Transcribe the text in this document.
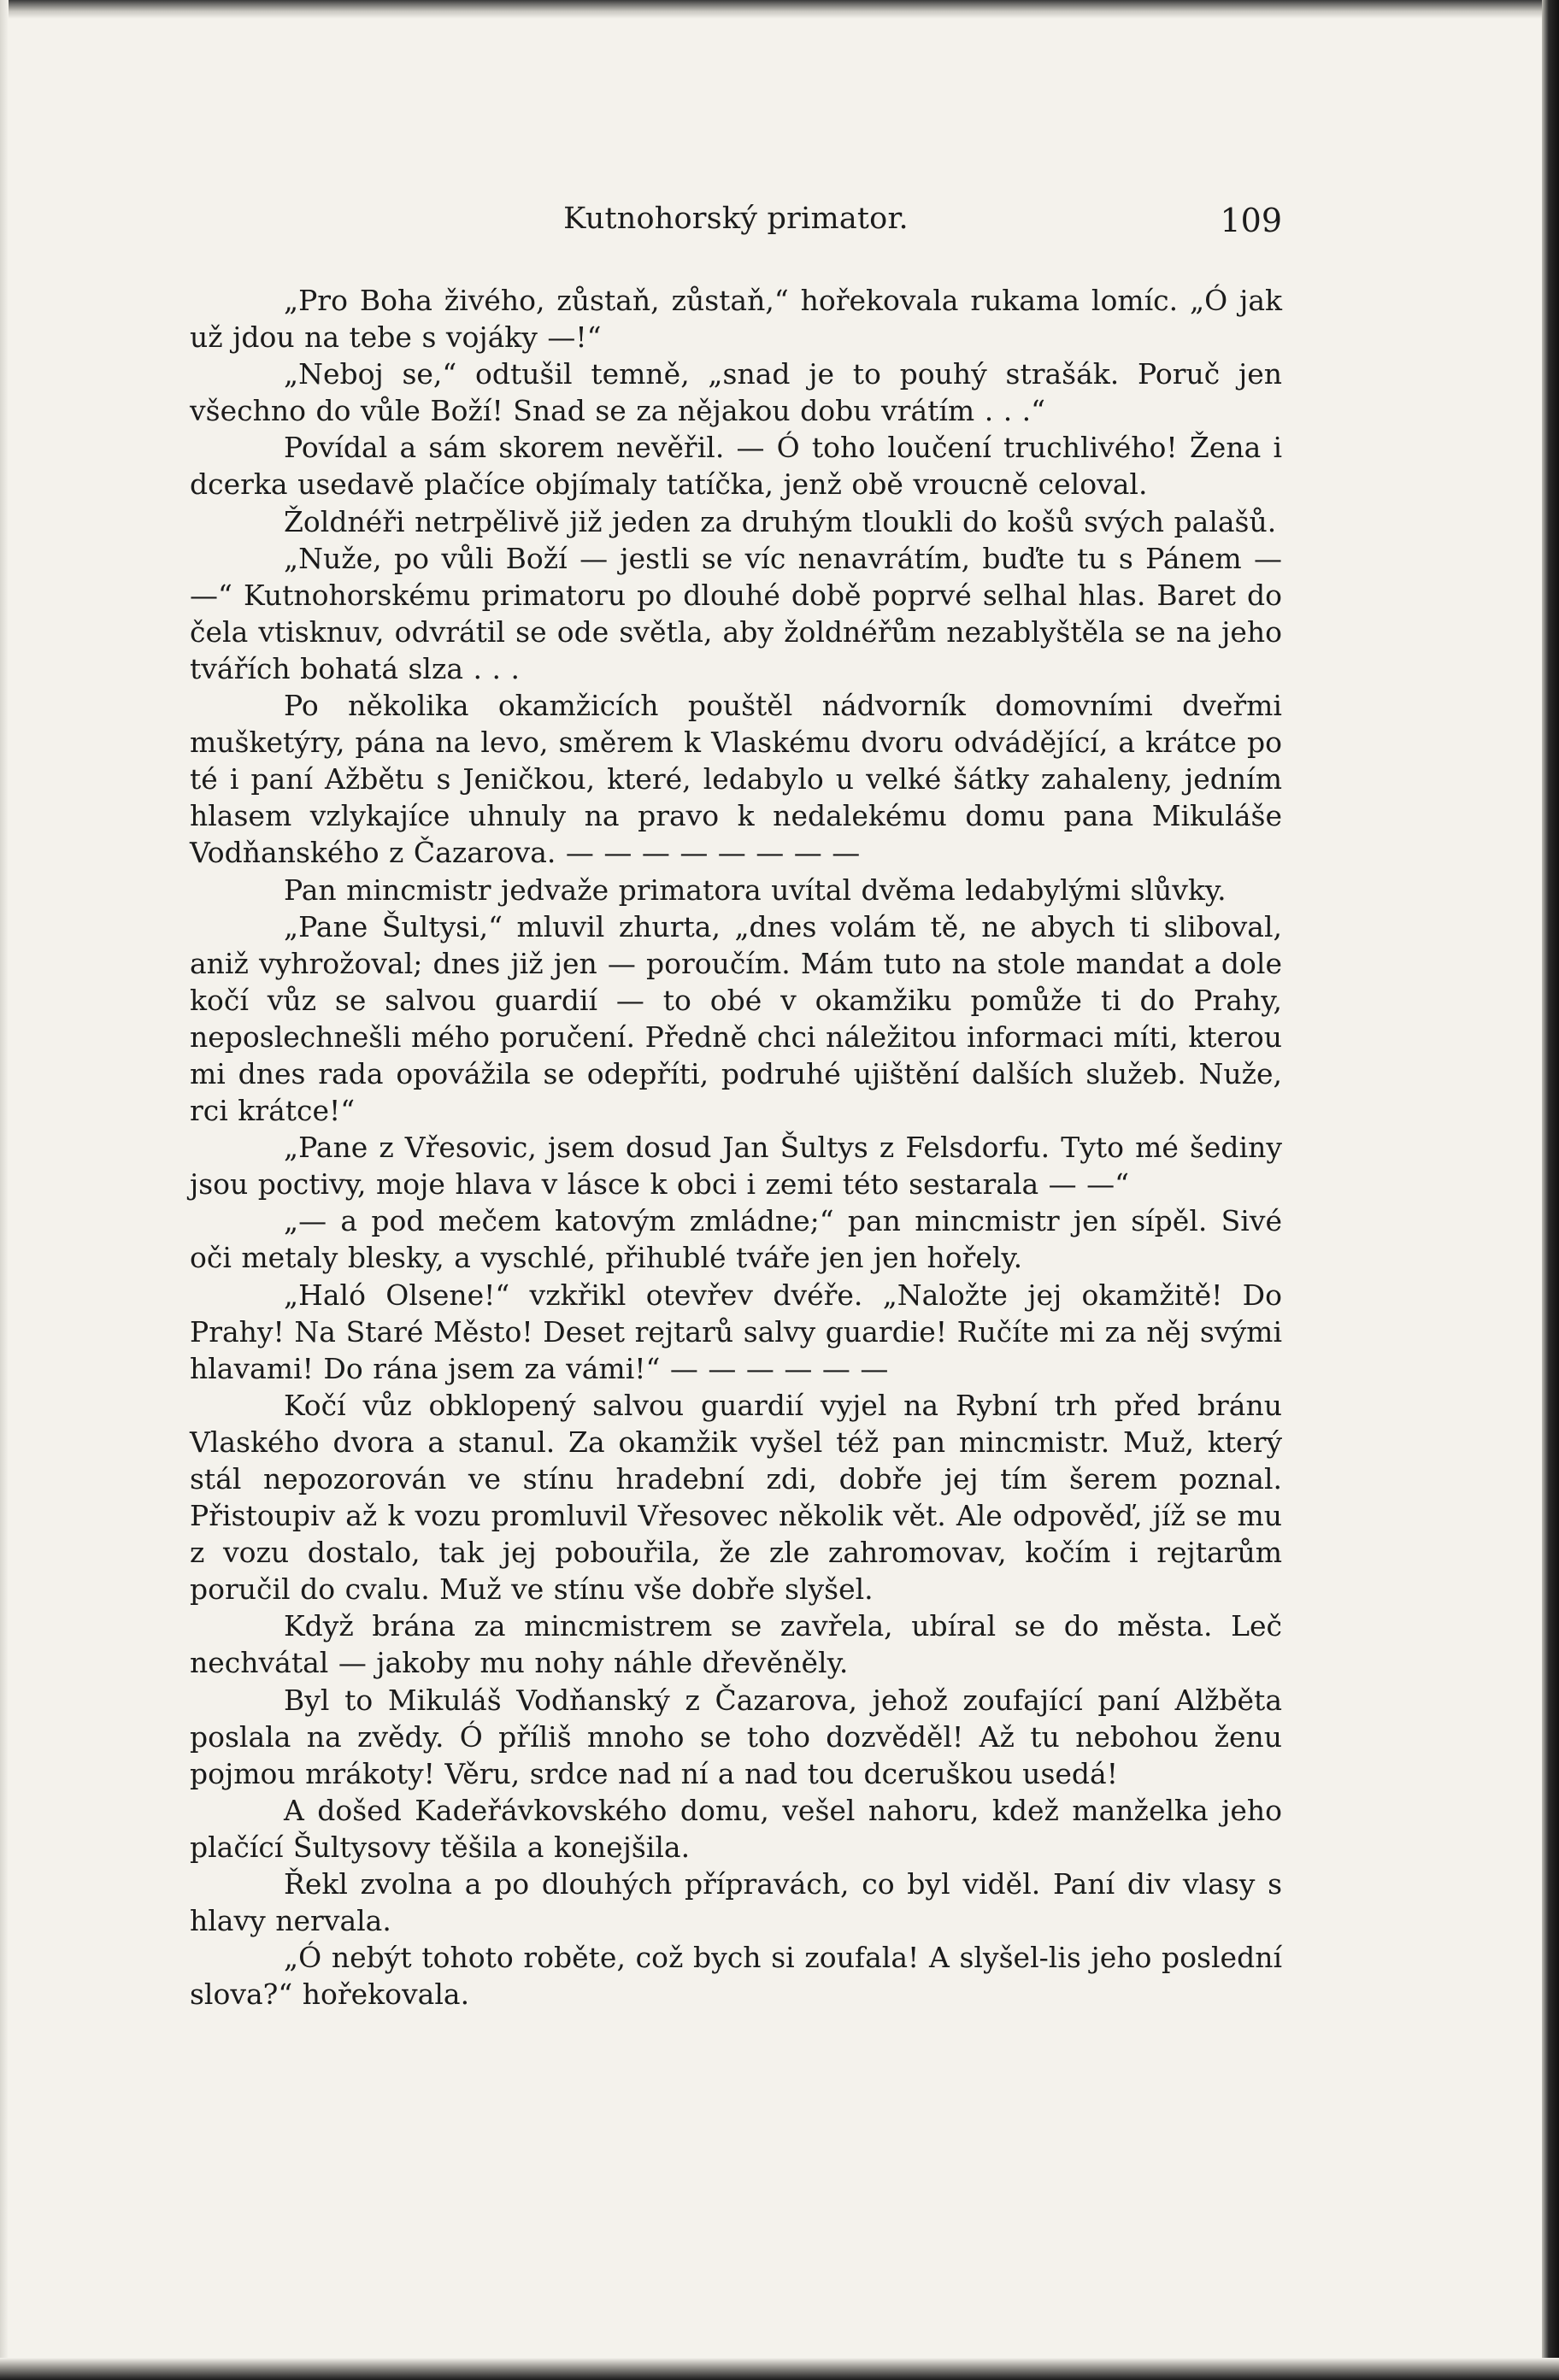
Kutnohorský primator.	109

„Pro Boha živého, zůstaň, zůstaň,“ hořekovala rukama lomíc. „Ó jak už jdou na tebe s vojáky —!“

„Neboj se,“ odtušil temně, „snad je to pouhý strašák. Poruč jen všechno do vůle Boží! Snad se za nějakou dobu vrátím . . .“

Povídal a sám skorem nevěřil. — Ó toho loučení truchlivého! Žena i dcerka usedavě plačíce objímaly tatíčka, jenž obě vroucně celoval.

Žoldnéři netrpělivě již jeden za druhým tloukli do košů svých palašů.

„Nuže, po vůli Boží — jestli se víc nenavrátím, buďte tu s Pánem — —“ Kutnohorskému primatoru po dlouhé době poprvé selhal hlas. Baret do čela vtisknuv, odvrátil se ode světla, aby žoldnéřům nezablyštěla se na jeho tvářích bohatá slza . . .

Po několika okamžicích pouštěl nádvorník domovními dveřmi mušketýry, pána na levo, směrem k Vlaskému dvoru odvádějící, a krátce po té i paní Ažbětu s Jeničkou, které, ledabylo u velké šátky zahaleny, jedním hlasem vzlykajíce uhnuly na pravo k nedalekému domu pana Mikuláše Vodňanského z Čazarova. — — — — — — — —

Pan mincmistr jedvaže primatora uvítal dvěma ledabylými slůvky.

„Pane Šultysi,“ mluvil zhurta, „dnes volám tě, ne abych ti sliboval, aniž vyhrožoval; dnes již jen — poroučím. Mám tuto na stole mandat a dole kočí vůz se salvou guardií — to obé v okamžiku pomůže ti do Prahy, neposlechnešli mého poručení. Předně chci náležitou informaci míti, kterou mi dnes rada opovážila se odepříti, podruhé ujištění dalších služeb. Nuže, rci krátce!“

„Pane z Vřesovic, jsem dosud Jan Šultys z Felsdorfu. Tyto mé šediny jsou poctivy, moje hlava v lásce k obci i zemi této sestarala — —“

„— a pod mečem katovým zmládne;“ pan mincmistr jen sípěl. Sivé oči metaly blesky, a vyschlé, přihublé tváře jen jen hořely.

„Haló Olsene!“ vzkřikl otevřev dvéře. „Naložte jej okamžitě! Do Prahy! Na Staré Město! Deset rejtarů salvy guardie! Ručíte mi za něj svými hlavami! Do rána jsem za vámi!“ — — — — — —

Kočí vůz obklopený salvou guardií vyjel na Rybní trh před bránu Vlaského dvora a stanul. Za okamžik vyšel též pan mincmistr. Muž, který stál nepozorován ve stínu hradební zdi, dobře jej tím šerem poznal. Přistoupiv až k vozu promluvil Vřesovec několik vět. Ale odpověď, jíž se mu z vozu dostalo, tak jej pobouřila, že zle zahromovav, kočím i rejtarům poručil do cvalu. Muž ve stínu vše dobře slyšel.

Když brána za mincmistrem se zavřela, ubíral se do města. Leč nechvátal — jakoby mu nohy náhle dřevěněly.

Byl to Mikuláš Vodňanský z Čazarova, jehož zoufající paní Alžběta poslala na zvědy. Ó příliš mnoho se toho dozvěděl! Až tu nebohou ženu pojmou mrákoty! Věru, srdce nad ní a nad tou dceruškou usedá!

A došed Kadeřávkovského domu, vešel nahoru, kdež manželka jeho plačící Šultysovy těšila a konejšila.

Řekl zvolna a po dlouhých přípravách, co byl viděl. Paní div vlasy s hlavy nervala.

„Ó nebýt tohoto roběte, což bych si zoufala! A slyšel-lis jeho poslední slova?“ hořekovala.
